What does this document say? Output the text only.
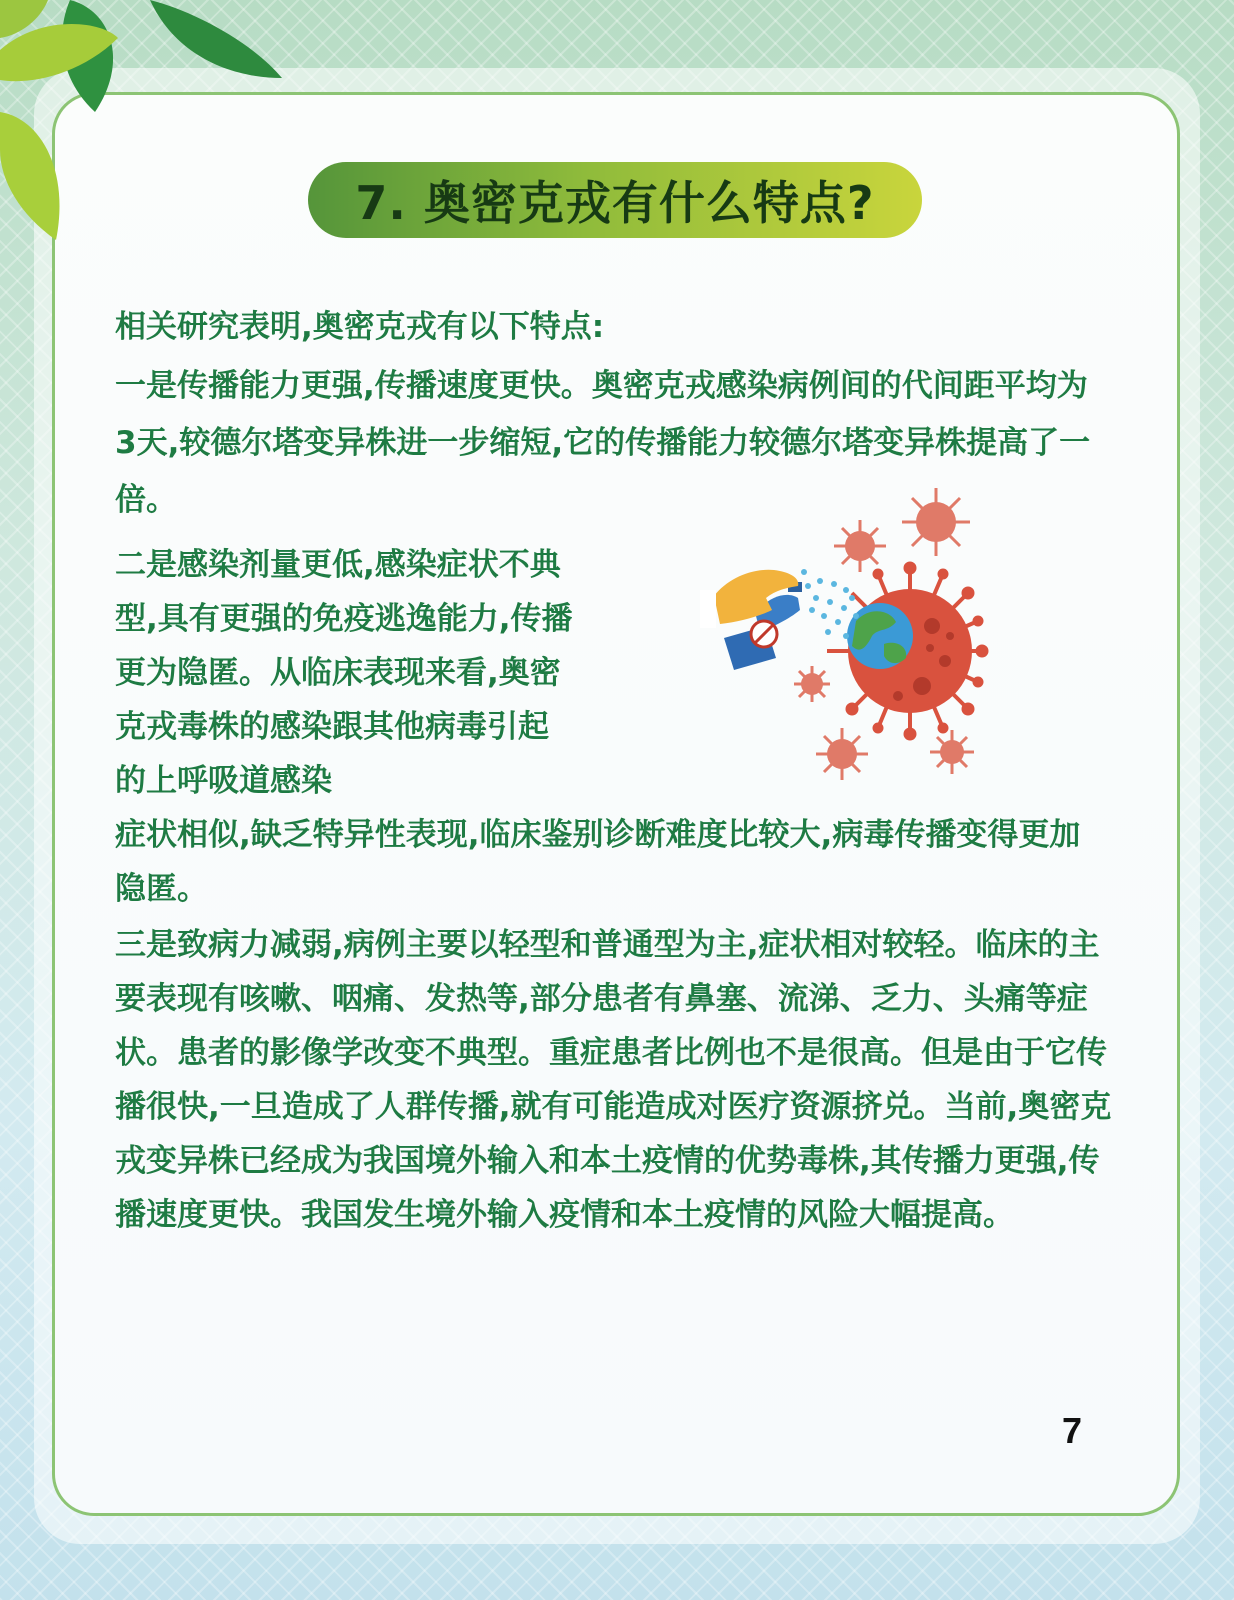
7. 奥密克戎有什么特点?

相关研究表明,奥密克戎有以下特点:

一是传播能力更强,传播速度更快。奥密克戎感染病例间的代间距平均为3天,较德尔塔变异株进一步缩短,它的传播能力较德尔塔变异株提高了一倍。

二是感染剂量更低,感染症状不典型,具有更强的免疫逃逸能力,传播更为隐匿。从临床表现来看,奥密克戎毒株的感染跟其他病毒引起的上呼吸道感染

症状相似,缺乏特异性表现,临床鉴别诊断难度比较大,病毒传播变得更加隐匿。

三是致病力减弱,病例主要以轻型和普通型为主,症状相对较轻。临床的主要表现有咳嗽、咽痛、发热等,部分患者有鼻塞、流涕、乏力、头痛等症状。患者的影像学改变不典型。重症患者比例也不是很高。但是由于它传播很快,一旦造成了人群传播,就有可能造成对医疗资源挤兑。当前,奥密克戎变异株已经成为我国境外输入和本土疫情的优势毒株,其传播力更强,传播速度更快。我国发生境外输入疫情和本土疫情的风险大幅提高。

7
